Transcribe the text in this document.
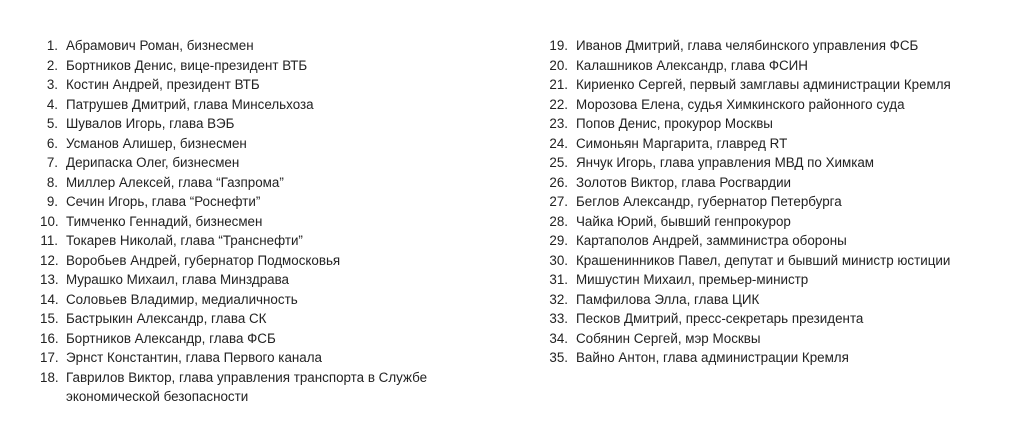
1. Абрамович Роман, бизнесмен
2. Бортников Денис, вице-президент ВТБ
3. Костин Андрей, президент ВТБ
4. Патрушев Дмитрий, глава Минсельхоза
5. Шувалов Игорь, глава ВЭБ
6. Усманов Алишер, бизнесмен
7. Дерипаска Олег, бизнесмен
8. Миллер Алексей, глава “Газпрома”
9. Сечин Игорь, глава “Роснефти”
10. Тимченко Геннадий, бизнесмен
11. Токарев Николай, глава “Транснефти”
12. Воробьев Андрей, губернатор Подмосковья
13. Мурашко Михаил, глава Минздрава
14. Соловьев Владимир, медиаличность
15. Бастрыкин Александр, глава СК
16. Бортников Александр, глава ФСБ
17. Эрнст Константин, глава Первого канала
18. Гаврилов Виктор, глава управления транспорта в Службе экономической безопасности
19. Иванов Дмитрий, глава челябинского управления ФСБ
20. Калашников Александр, глава ФСИН
21. Кириенко Сергей, первый замглавы администрации Кремля
22. Морозова Елена, судья Химкинского районного суда
23. Попов Денис, прокурор Москвы
24. Симоньян Маргарита, главред RT
25. Янчук Игорь, глава управления МВД по Химкам
26. Золотов Виктор, глава Росгвардии
27. Беглов Александр, губернатор Петербурга
28. Чайка Юрий, бывший генпрокурор
29. Картаполов Андрей, замминистра обороны
30. Крашенинников Павел, депутат и бывший министр юстиции
31. Мишустин Михаил, премьер-министр
32. Памфилова Элла, глава ЦИК
33. Песков Дмитрий, пресс-секретарь президента
34. Собянин Сергей, мэр Москвы
35. Вайно Антон, глава администрации Кремля
